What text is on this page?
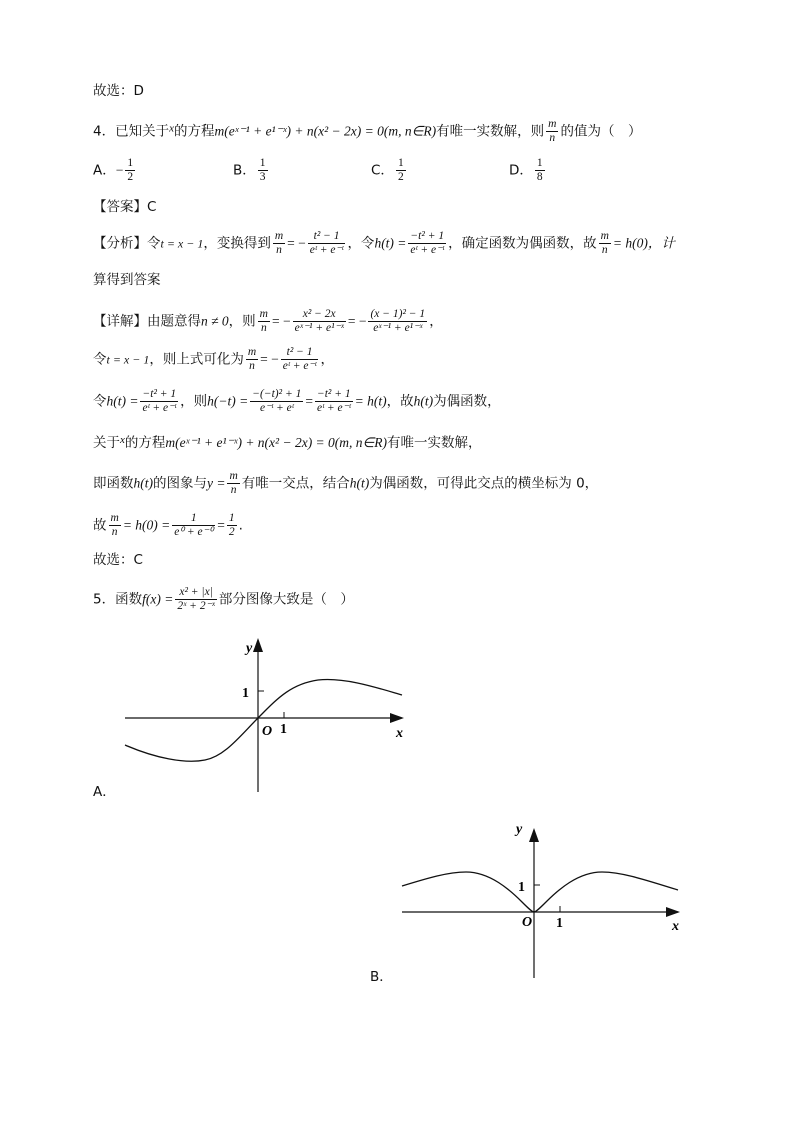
故选：D
4．已知关于$^x$的方程m(eˣ⁻¹ + e¹⁻ˣ) + n(x² − 2x) = 0(m, n∈R)有唯一实数解，则 $\frac{m}{n}$ 的值为（　）
A．− $\frac{1}{2}$	B． $\frac{1}{3}$	C． $\frac{1}{2}$	D． $\frac{1}{8}$
【答案】C
【分析】令t = x − 1，变换得到 $\frac{m}{n}$ = − $\frac{\text{t² − 1}}{\text{eᵗ + e⁻ᵗ}}$ ，令$h(t) = \frac{\text{−t² + 1}}{\text{eᵗ + e⁻ᵗ}}$ ，确定函数为偶函数，故 $\frac{m}{n} = h(0)$，计
算得到答案
【详解】由题意得n ≠ 0，则 $\frac{m}{n}$ = − $\frac{\text{x² − 2x}}{\text{eˣ⁻¹ + e¹⁻ˣ}}$ = − $\frac{\text{(x − 1)² − 1}}{\text{eˣ⁻¹ + e¹⁻ˣ}}$ ，
令t = x − 1，则上式可化为 $\frac{m}{n}$ = − $\frac{\text{t² − 1}}{\text{eᵗ + e⁻ᵗ}}$ ，
令$h(t) = \frac{\text{−t² + 1}}{\text{eᵗ + e⁻ᵗ}}$ ，则$h(-t) = \frac{\text{−(−t)² + 1}}{\text{e⁻ᵗ + eᵗ}} = \frac{\text{−t² + 1}}{\text{eᵗ + e⁻ᵗ}} = h(t)$，故h(t)为偶函数，
关于$^x$的方程m(eˣ⁻¹ + e¹⁻ˣ) + n(x² − 2x) = 0(m, n∈R)有唯一实数解，
即函数h(t)的图象与$y = \frac{m}{n}$ 有唯一交点，结合h(t)为偶函数，可得此交点的横坐标为 0，
故 $\frac{m}{n} = h(0) = \frac{1}{\text{e⁰ + e⁻⁰}} = \frac{1}{2}$ .
故选：C
5．函数$f(x) = \frac{\text{x² + |x|}}{\text{2ˣ + 2⁻ˣ}}$ 部分图像大致是（　）
y
x
O 1
1
A．
y
x
O 1
1
B．
